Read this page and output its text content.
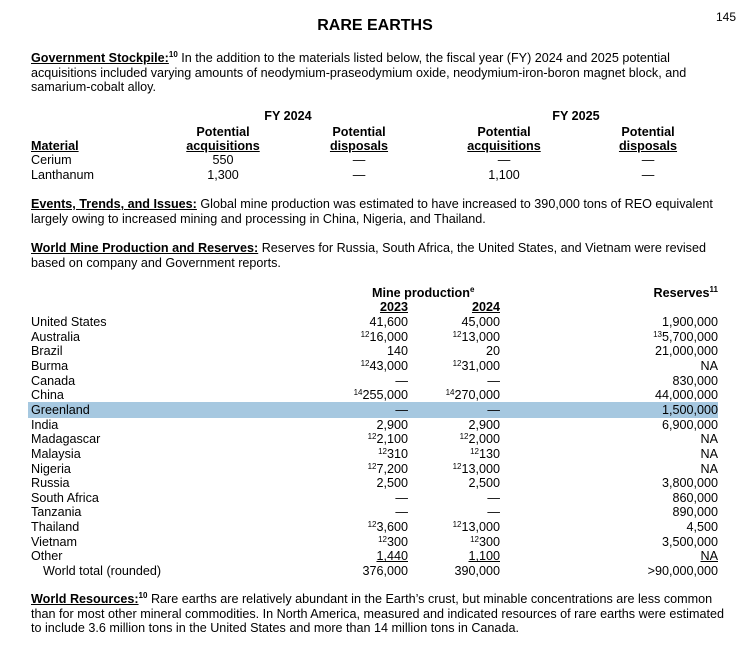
145
RARE EARTHS
Government Stockpile:$^{10}$ In the addition to the materials listed below, the fiscal year (FY) 2024 and 2025 potential acquisitions included varying amounts of neodymium-praseodymium oxide, neodymium-iron-boron magnet block, and samarium-cobalt alloy.
FY 2024	FY 2025
Potential	Potential	Potential	Potential
Material	acquisitions	disposals	acquisitions	disposals
Cerium	550	—	—	—
Lanthanum	1,300	—	1,100	—
Events, Trends, and Issues: Global mine production was estimated to have increased to 390,000 tons of REO equivalent largely owing to increased mining and processing in China, Nigeria, and Thailand.
World Mine Production and Reserves: Reserves for Russia, South Africa, the United States, and Vietnam were revised based on company and Government reports.
Mine production$^e$	Reserves$^{11}$
2023	2024
United States	41,600	45,000	1,900,000
Australia	$^{12}$16,000	$^{12}$13,000	$^{13}$5,700,000
Brazil	140	20	21,000,000
Burma	$^{12}$43,000	$^{12}$31,000	NA
Canada	—	—	830,000
China	$^{14}$255,000	$^{14}$270,000	44,000,000
Greenland	—	—	1,500,000
India	2,900	2,900	6,900,000
Madagascar	$^{12}$2,100	$^{12}$2,000	NA
Malaysia	$^{12}$310	$^{12}$130	NA
Nigeria	$^{12}$7,200	$^{12}$13,000	NA
Russia	2,500	2,500	3,800,000
South Africa	—	—	860,000
Tanzania	—	—	890,000
Thailand	$^{12}$3,600	$^{12}$13,000	4,500
Vietnam	$^{12}$300	$^{12}$300	3,500,000
Other	1,440	1,100	NA
World total (rounded)	376,000	390,000	>90,000,000
World Resources:$^{10}$ Rare earths are relatively abundant in the Earth’s crust, but minable concentrations are less common than for most other mineral commodities. In North America, measured and indicated resources of rare earths were estimated to include 3.6 million tons in the United States and more than 14 million tons in Canada.
